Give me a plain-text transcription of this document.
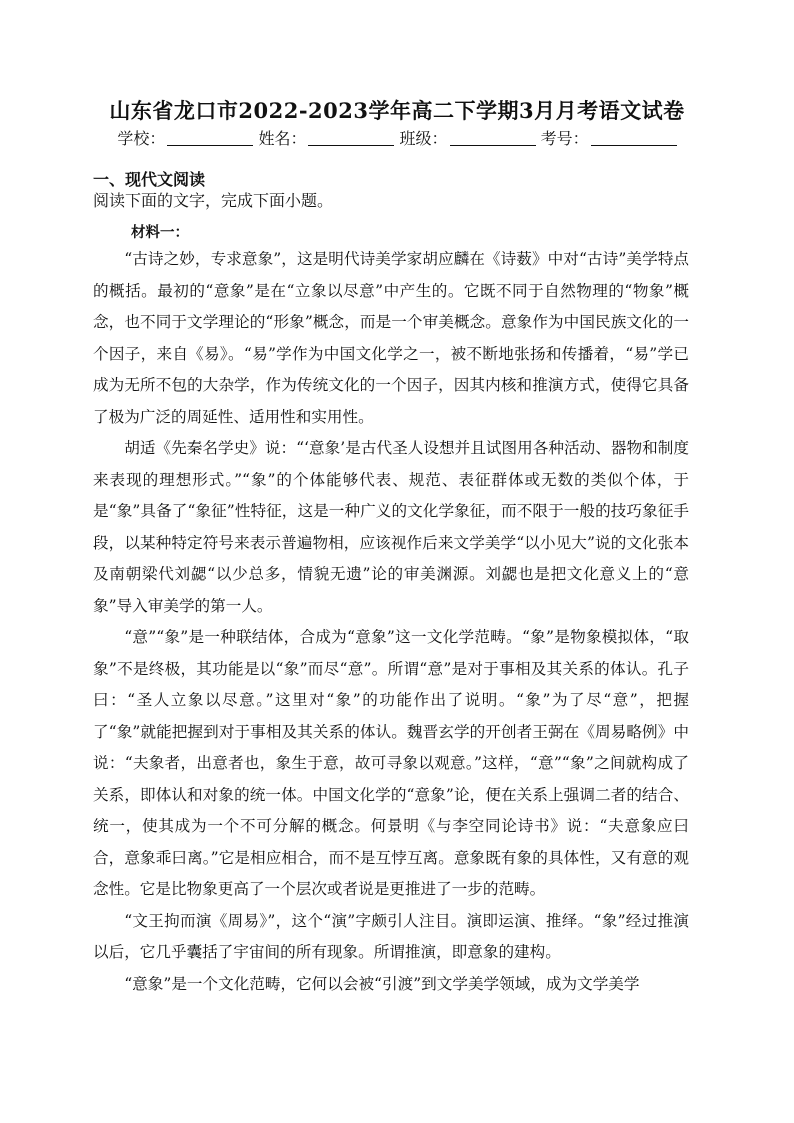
山东省龙口市2022-2023学年高二下学期3月月考语文试卷
学校：	姓名：	班级：	考号：
一、现代文阅读
阅读下面的文字，完成下面小题。
材料一：

“古诗之妙，专求意象”，这是明代诗美学家胡应麟在《诗薮》中对“古诗”美学特点的概括。最初的“意象”是在“立象以尽意”中产生的。它既不同于自然物理的“物象”概念，也不同于文学理论的“形象”概念，而是一个审美概念。意象作为中国民族文化的一个因子，来自《易》。“易”学作为中国文化学之一，被不断地张扬和传播着，“易”学已成为无所不包的大杂学，作为传统文化的一个因子，因其内核和推演方式，使得它具备了极为广泛的周延性、适用性和实用性。

胡适《先秦名学史》说：“‘意象’是古代圣人设想并且试图用各种活动、器物和制度来表现的理想形式。”“象”的个体能够代表、规范、表征群体或无数的类似个体，于是“象”具备了“象征”性特征，这是一种广义的文化学象征，而不限于一般的技巧象征手段，以某种特定符号来表示普遍物相，应该视作后来文学美学“以小见大”说的文化张本及南朝梁代刘勰“以少总多，情貌无遗”论的审美渊源。刘勰也是把文化意义上的“意象”导入审美学的第一人。

“意”“象”是一种联结体，合成为“意象”这一文化学范畴。“象”是物象模拟体，“取象”不是终极，其功能是以“象”而尽“意”。所谓“意”是对于事相及其关系的体认。孔子曰：“圣人立象以尽意。”这里对“象”的功能作出了说明。“象”为了尽“意”，把握了“象”就能把握到对于事相及其关系的体认。魏晋玄学的开创者王弼在《周易略例》中说：“夫象者，出意者也，象生于意，故可寻象以观意。”这样，“意”“象”之间就构成了关系，即体认和对象的统一体。中国文化学的“意象”论，便在关系上强调二者的结合、统一，使其成为一个不可分解的概念。何景明《与李空同论诗书》说：“夫意象应曰合，意象乖曰离。”它是相应相合，而不是互悖互离。意象既有象的具体性，又有意的观念性。它是比物象更高了一个层次或者说是更推进了一步的范畴。

“文王拘而演《周易》”，这个“演”字颇引人注目。演即运演、推绎。“象”经过推演以后，它几乎囊括了宇宙间的所有现象。所谓推演，即意象的建构。

“意象”是一个文化范畴，它何以会被“引渡”到文学美学领域，成为文学美学
